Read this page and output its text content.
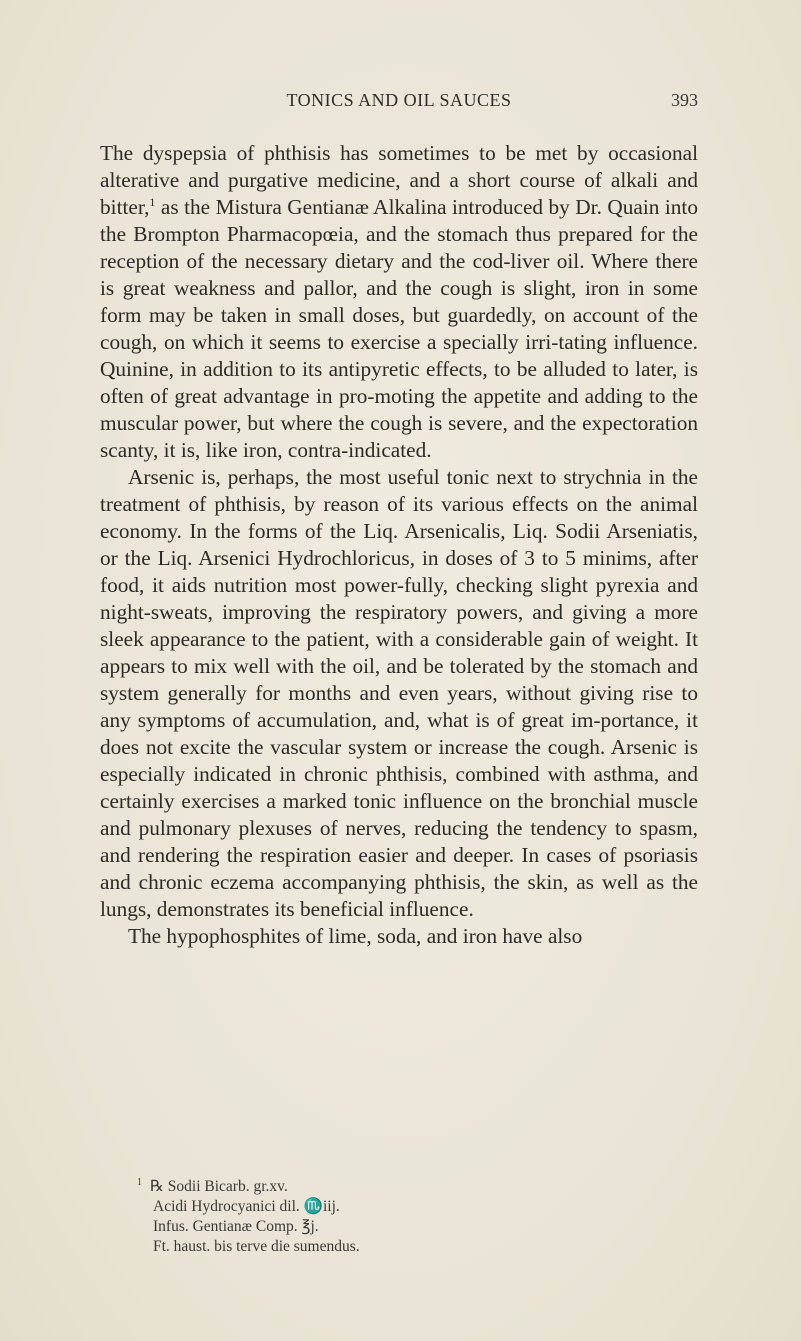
TONICS AND OIL SAUCES	393

The dyspepsia of phthisis has sometimes to be met by occasional alterative and purgative medicine, and a short course of alkali and bitter,$^1$ as the Mistura Gentianæ Alkalina introduced by Dr. Quain into the Brompton Pharmacopœia, and the stomach thus prepared for the reception of the necessary dietary and the cod-liver oil. Where there is great weakness and pallor, and the cough is slight, iron in some form may be taken in small doses, but guardedly, on account of the cough, on which it seems to exercise a specially irri-tating influence. Quinine, in addition to its antipyretic effects, to be alluded to later, is often of great advantage in pro-moting the appetite and adding to the muscular power, but where the cough is severe, and the expectoration scanty, it is, like iron, contra-indicated.

Arsenic is, perhaps, the most useful tonic next to strychnia in the treatment of phthisis, by reason of its various effects on the animal economy. In the forms of the Liq. Arsenicalis, Liq. Sodii Arseniatis, or the Liq. Arsenici Hydrochloricus, in doses of 3 to 5 minims, after food, it aids nutrition most power-fully, checking slight pyrexia and night-sweats, improving the respiratory powers, and giving a more sleek appearance to the patient, with a considerable gain of weight. It appears to mix well with the oil, and be tolerated by the stomach and system generally for months and even years, without giving rise to any symptoms of accumulation, and, what is of great im-portance, it does not excite the vascular system or increase the cough. Arsenic is especially indicated in chronic phthisis, combined with asthma, and certainly exercises a marked tonic influence on the bronchial muscle and pulmonary plexuses of nerves, reducing the tendency to spasm, and rendering the respiration easier and deeper. In cases of psoriasis and chronic eczema accompanying phthisis, the skin, as well as the lungs, demonstrates its beneficial influence.

The hypophosphites of lime, soda, and iron have also

$^1$ ℞ Sodii Bicarb. gr.xv.
Acidi Hydrocyanici dil. ♏iij.
Infus. Gentianæ Comp. ℥j.
Ft. haust. bis terve die sumendus.
